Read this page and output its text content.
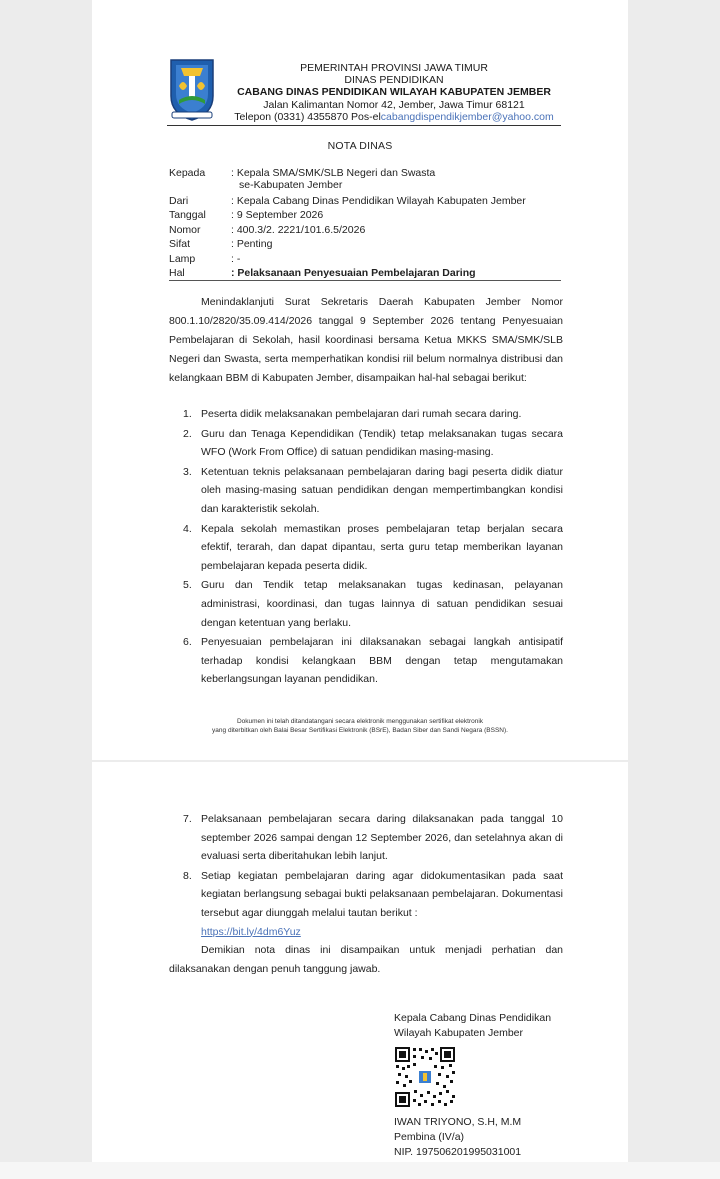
PEMERINTAH PROVINSI JAWA TIMUR
DINAS PENDIDIKAN
CABANG DINAS PENDIDIKAN WILAYAH KABUPATEN JEMBER
Jalan Kalimantan Nomor 42, Jember, Jawa Timur 68121
Telepon (0331) 4355870 Pos-elcabangdispendikjember@yahoo.com
NOTA DINAS
Kepada : Kepala SMA/SMK/SLB Negeri dan Swasta
se-Kabupaten Jember
Dari	: Kepala Cabang Dinas Pendidikan Wilayah Kabupaten Jember
Tanggal : 9 September 2026
Nomor	: 400.3/2. 2221/101.6.5/2026
Sifat	: Penting
Lamp	: -
Hal	: Pelaksanaan Penyesuaian Pembelajaran Daring
Menindaklanjuti Surat Sekretaris Daerah Kabupaten Jember Nomor 800.1.10/2820/35.09.414/2026 tanggal 9 September 2026 tentang Penyesuaian Pembelajaran di Sekolah, hasil koordinasi bersama Ketua MKKS SMA/SMK/SLB Negeri dan Swasta, serta memperhatikan kondisi riil belum normalnya distribusi dan kelangkaan BBM di Kabupaten Jember, disampaikan hal-hal sebagai berikut:
1. Peserta didik melaksanakan pembelajaran dari rumah secara daring.
2. Guru dan Tenaga Kependidikan (Tendik) tetap melaksanakan tugas secara WFO (Work From Office) di satuan pendidikan masing-masing.
3. Ketentuan teknis pelaksanaan pembelajaran daring bagi peserta didik diatur oleh masing-masing satuan pendidikan dengan mempertimbangkan kondisi dan karakteristik sekolah.
4. Kepala sekolah memastikan proses pembelajaran tetap berjalan secara efektif, terarah, dan dapat dipantau, serta guru tetap memberikan layanan pembelajaran kepada peserta didik.
5. Guru dan Tendik tetap melaksanakan tugas kedinasan, pelayanan administrasi, koordinasi, dan tugas lainnya di satuan pendidikan sesuai dengan ketentuan yang berlaku.
6. Penyesuaian pembelajaran ini dilaksanakan sebagai langkah antisipatif terhadap kondisi kelangkaan BBM dengan tetap mengutamakan keberlangsungan layanan pendidikan.
Dokumen ini telah ditandatangani secara elektronik menggunakan sertifikat elektronik
yang diterbitkan oleh Balai Besar Sertifikasi Elektronik (BSrE), Badan Siber dan Sandi Negara (BSSN).
7. Pelaksanaan pembelajaran secara daring dilaksanakan pada tanggal 10 september 2026 sampai dengan 12 September 2026, dan setelahnya akan di evaluasi serta diberitahukan lebih lanjut.
8. Setiap kegiatan pembelajaran daring agar didokumentasikan pada saat kegiatan berlangsung sebagai bukti pelaksanaan pembelajaran. Dokumentasi tersebut agar diunggah melalui tautan berikut :
https://bit.ly/4dm6Yuz
Demikian nota dinas ini disampaikan untuk menjadi perhatian dan dilaksanakan dengan penuh tanggung jawab.
Kepala Cabang Dinas Pendidikan
Wilayah Kabupaten Jember
IWAN TRIYONO, S.H, M.M
Pembina (IV/a)
NIP. 197506201995031001
